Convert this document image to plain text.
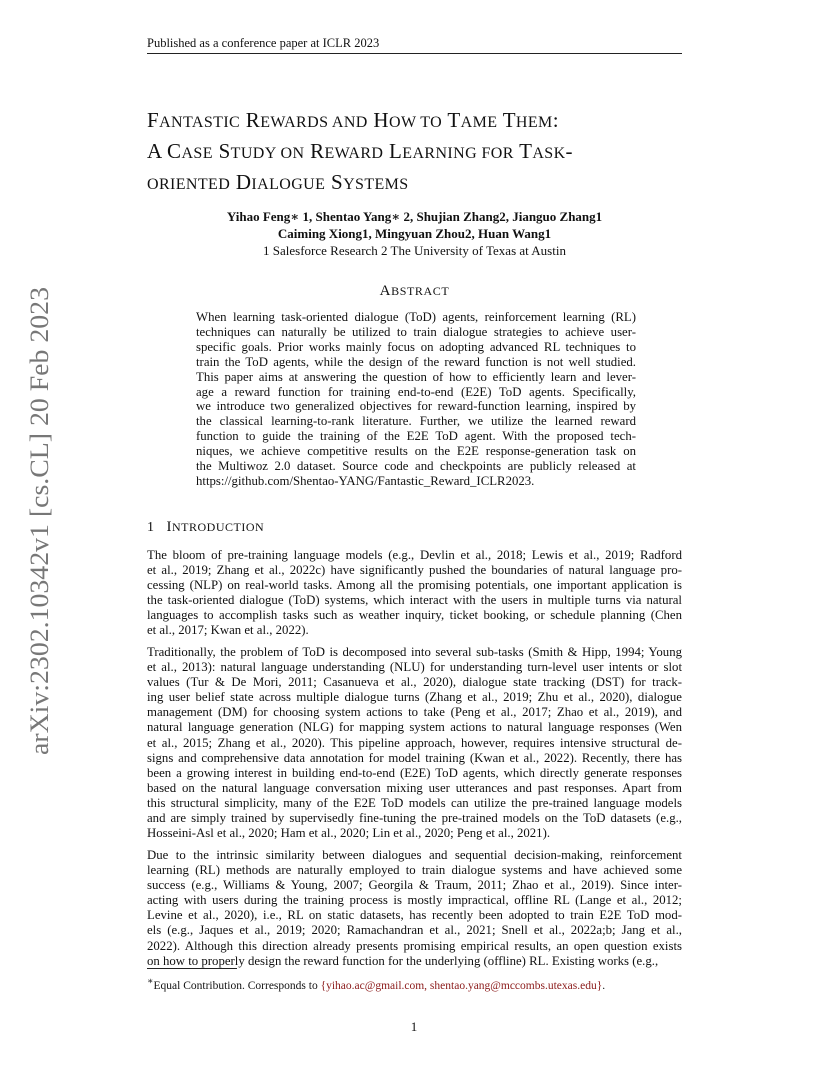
Published as a conference paper at ICLR 2023
arXiv:2302.10342v1 [cs.CL] 20 Feb 2023
FANTASTIC REWARDS AND HOW TO TAME THEM:
A CASE STUDY ON REWARD LEARNING FOR TASK-
ORIENTED DIALOGUE SYSTEMS
Yihao Feng∗ 1, Shentao Yang∗ 2, Shujian Zhang2, Jianguo Zhang1
Caiming Xiong1, Mingyuan Zhou2, Huan Wang1
1 Salesforce Research 2 The University of Texas at Austin
ABSTRACT
When learning task-oriented dialogue (ToD) agents, reinforcement learning (RL)
techniques can naturally be utilized to train dialogue strategies to achieve user-
specific goals. Prior works mainly focus on adopting advanced RL techniques to
train the ToD agents, while the design of the reward function is not well studied.
This paper aims at answering the question of how to efficiently learn and lever-
age a reward function for training end-to-end (E2E) ToD agents. Specifically,
we introduce two generalized objectives for reward-function learning, inspired by
the classical learning-to-rank literature. Further, we utilize the learned reward
function to guide the training of the E2E ToD agent. With the proposed tech-
niques, we achieve competitive results on the E2E response-generation task on
the Multiwoz 2.0 dataset. Source code and checkpoints are publicly released at
https://github.com/Shentao-YANG/Fantastic_Reward_ICLR2023.
1   INTRODUCTION
The bloom of pre-training language models (e.g., Devlin et al., 2018; Lewis et al., 2019; Radford
et al., 2019; Zhang et al., 2022c) have significantly pushed the boundaries of natural language pro-
cessing (NLP) on real-world tasks. Among all the promising potentials, one important application is
the task-oriented dialogue (ToD) systems, which interact with the users in multiple turns via natural
languages to accomplish tasks such as weather inquiry, ticket booking, or schedule planning (Chen
et al., 2017; Kwan et al., 2022).
Traditionally, the problem of ToD is decomposed into several sub-tasks (Smith & Hipp, 1994; Young
et al., 2013): natural language understanding (NLU) for understanding turn-level user intents or slot
values (Tur & De Mori, 2011; Casanueva et al., 2020), dialogue state tracking (DST) for track-
ing user belief state across multiple dialogue turns (Zhang et al., 2019; Zhu et al., 2020), dialogue
management (DM) for choosing system actions to take (Peng et al., 2017; Zhao et al., 2019), and
natural language generation (NLG) for mapping system actions to natural language responses (Wen
et al., 2015; Zhang et al., 2020). This pipeline approach, however, requires intensive structural de-
signs and comprehensive data annotation for model training (Kwan et al., 2022). Recently, there has
been a growing interest in building end-to-end (E2E) ToD agents, which directly generate responses
based on the natural language conversation mixing user utterances and past responses. Apart from
this structural simplicity, many of the E2E ToD models can utilize the pre-trained language models
and are simply trained by supervisedly fine-tuning the pre-trained models on the ToD datasets (e.g.,
Hosseini-Asl et al., 2020; Ham et al., 2020; Lin et al., 2020; Peng et al., 2021).
Due to the intrinsic similarity between dialogues and sequential decision-making, reinforcement
learning (RL) methods are naturally employed to train dialogue systems and have achieved some
success (e.g., Williams & Young, 2007; Georgila & Traum, 2011; Zhao et al., 2019). Since inter-
acting with users during the training process is mostly impractical, offline RL (Lange et al., 2012;
Levine et al., 2020), i.e., RL on static datasets, has recently been adopted to train E2E ToD mod-
els (e.g., Jaques et al., 2019; 2020; Ramachandran et al., 2021; Snell et al., 2022a;b; Jang et al.,
2022). Although this direction already presents promising empirical results, an open question exists
on how to properly design the reward function for the underlying (offline) RL. Existing works (e.g.,
∗Equal Contribution. Corresponds to {yihao.ac@gmail.com, shentao.yang@mccombs.utexas.edu}.
1
